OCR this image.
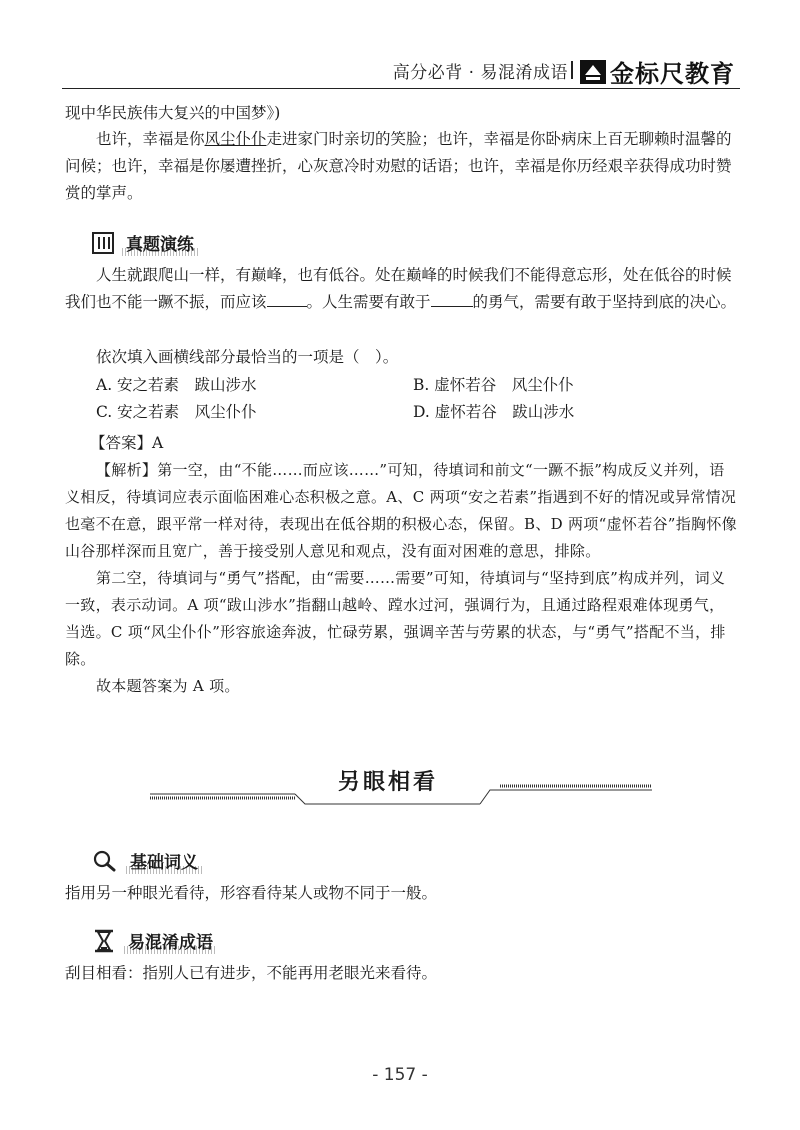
高分必背 · 易混淆成语 金标尺教育
现中华民族伟大复兴的中国梦》)
也许，幸福是你风尘仆仆走进家门时亲切的笑脸；也许，幸福是你卧病床上百无聊赖时温馨的问候；也许，幸福是你屡遭挫折，心灰意冷时劝慰的话语；也许，幸福是你历经艰辛获得成功时赞赏的掌声。
真题演练
人生就跟爬山一样，有巅峰，也有低谷。处在巅峰的时候我们不能得意忘形，处在低谷的时候我们也不能一蹶不振，而应该	。人生需要有敢于	的勇气，需要有敢于坚持到底的决心。
依次填入画横线部分最恰当的一项是（　）。
A. 安之若素　跋山涉水	B. 虚怀若谷　风尘仆仆
C. 安之若素　风尘仆仆	D. 虚怀若谷　跋山涉水
【答案】A
【解析】第一空，由“不能……而应该……”可知，待填词和前文“一蹶不振”构成反义并列，语义相反，待填词应表示面临困难心态积极之意。A、C 两项“安之若素”指遇到不好的情况或异常情况也毫不在意，跟平常一样对待，表现出在低谷期的积极心态，保留。B、D 两项“虚怀若谷”指胸怀像山谷那样深而且宽广，善于接受别人意见和观点，没有面对困难的意思，排除。
第二空，待填词与“勇气”搭配，由“需要……需要”可知，待填词与“坚持到底”构成并列，词义一致，表示动词。A 项“跋山涉水”指翻山越岭、蹚水过河，强调行为，且通过路程艰难体现勇气，当选。C 项“风尘仆仆”形容旅途奔波，忙碌劳累，强调辛苦与劳累的状态，与“勇气”搭配不当，排除。
故本题答案为 A 项。
另眼相看
基础词义
指用另一种眼光看待，形容看待某人或物不同于一般。
易混淆成语
刮目相看：指别人已有进步，不能再用老眼光来看待。
- 157 -
